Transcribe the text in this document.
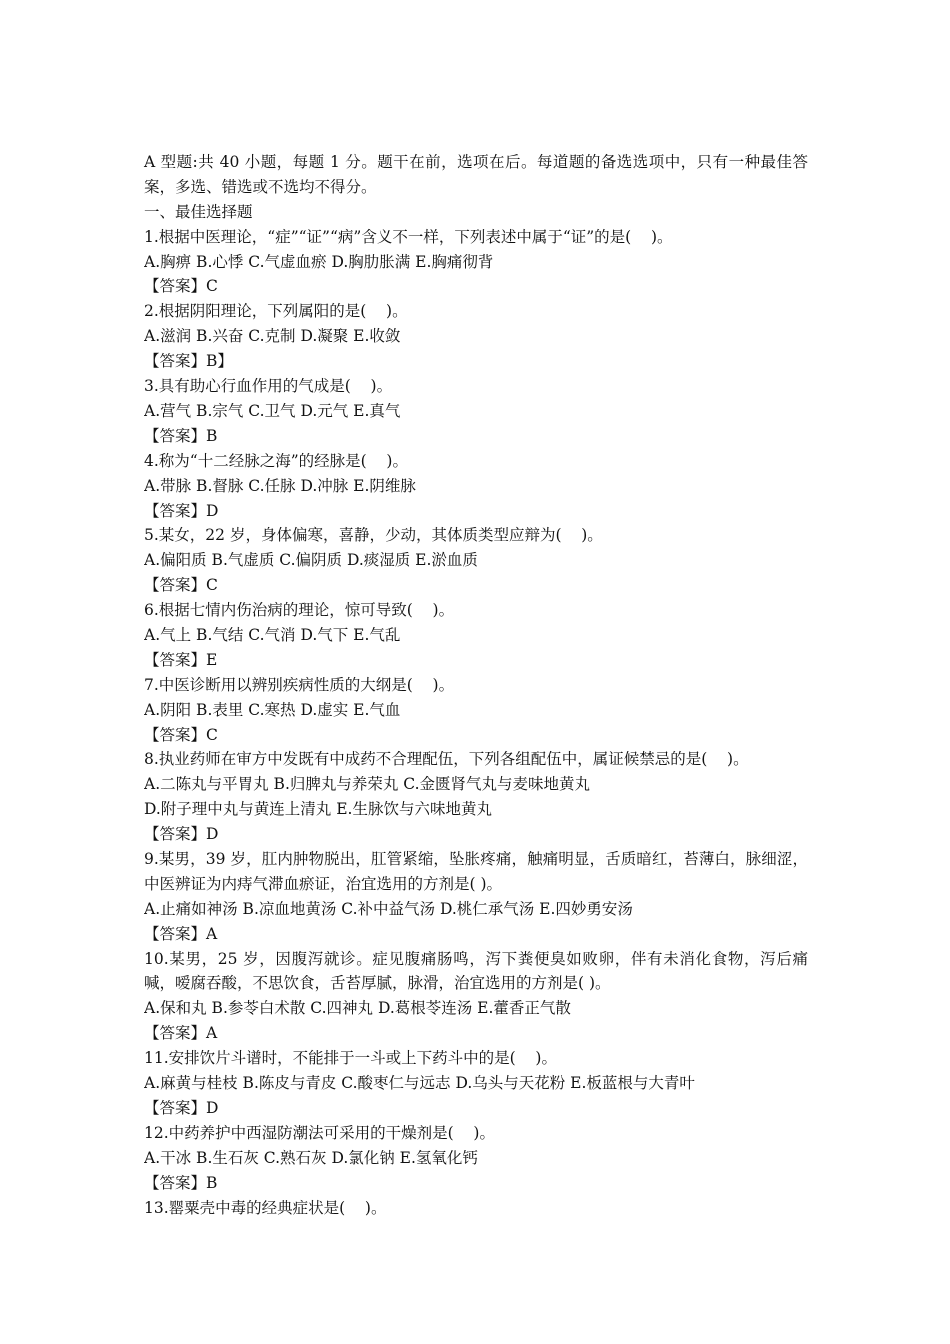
A 型题:共 40 小题，每题 1 分。题干在前，选项在后。每道题的备选选项中，只有一种最佳答案，多选、错选或不选均不得分。
一、最佳选择题
1.根据中医理论，“症”“证”“病”含义不一样，下列表述中属于“证”的是(    )。
A.胸痹 B.心悸 C.气虚血瘀 D.胸肋胀满 E.胸痛彻背
【答案】C
2.根据阴阳理论，下列属阳的是(    )。
A.滋润 B.兴奋 C.克制 D.凝聚 E.收敛
【答案】B】
3.具有助心行血作用的气成是(    )。
A.营气 B.宗气 C.卫气 D.元气 E.真气
【答案】B
4.称为“十二经脉之海”的经脉是(    )。
A.带脉 B.督脉 C.任脉 D.冲脉 E.阴维脉
【答案】D
5.某女，22 岁，身体偏寒，喜静，少动，其体质类型应辩为(    )。
A.偏阳质 B.气虚质 C.偏阴质 D.痰湿质 E.淤血质
【答案】C
6.根据七情内伤治病的理论，惊可导致(    )。
A.气上 B.气结 C.气消 D.气下 E.气乱
【答案】E
7.中医诊断用以辨别疾病性质的大纲是(    )。
A.阴阳 B.表里 C.寒热 D.虚实 E.气血
【答案】C
8.执业药师在审方中发既有中成药不合理配伍，下列各组配伍中，属证候禁忌的是(    )。
A.二陈丸与平胃丸 B.归脾丸与养荣丸 C.金匮肾气丸与麦味地黄丸
D.附子理中丸与黄连上清丸 E.生脉饮与六味地黄丸
【答案】D
9.某男，39 岁，肛内肿物脱出，肛管紧缩，坠胀疼痛，触痛明显，舌质暗红，苔薄白，脉细涩，中医辨证为内痔气滞血瘀证，治宜选用的方剂是( )。
A.止痛如神汤 B.凉血地黄汤 C.补中益气汤 D.桃仁承气汤 E.四妙勇安汤
【答案】A
10.某男，25 岁，因腹泻就诊。症见腹痛肠鸣，泻下粪便臭如败卵，伴有未消化食物，泻后痛喊，嗳腐吞酸，不思饮食，舌苔厚腻，脉滑，治宜选用的方剂是( )。
A.保和丸 B.参苓白术散 C.四神丸 D.葛根苓连汤 E.藿香正气散
【答案】A
11.安排饮片斗谱时，不能排于一斗或上下药斗中的是(    )。
A.麻黄与桂枝 B.陈皮与青皮 C.酸枣仁与远志 D.乌头与天花粉 E.板蓝根与大青叶
【答案】D
12.中药养护中西湿防潮法可采用的干燥剂是(    )。
A.干冰 B.生石灰 C.熟石灰 D.氯化钠 E.氢氧化钙
【答案】B
13.罂粟壳中毒的经典症状是(    )。
